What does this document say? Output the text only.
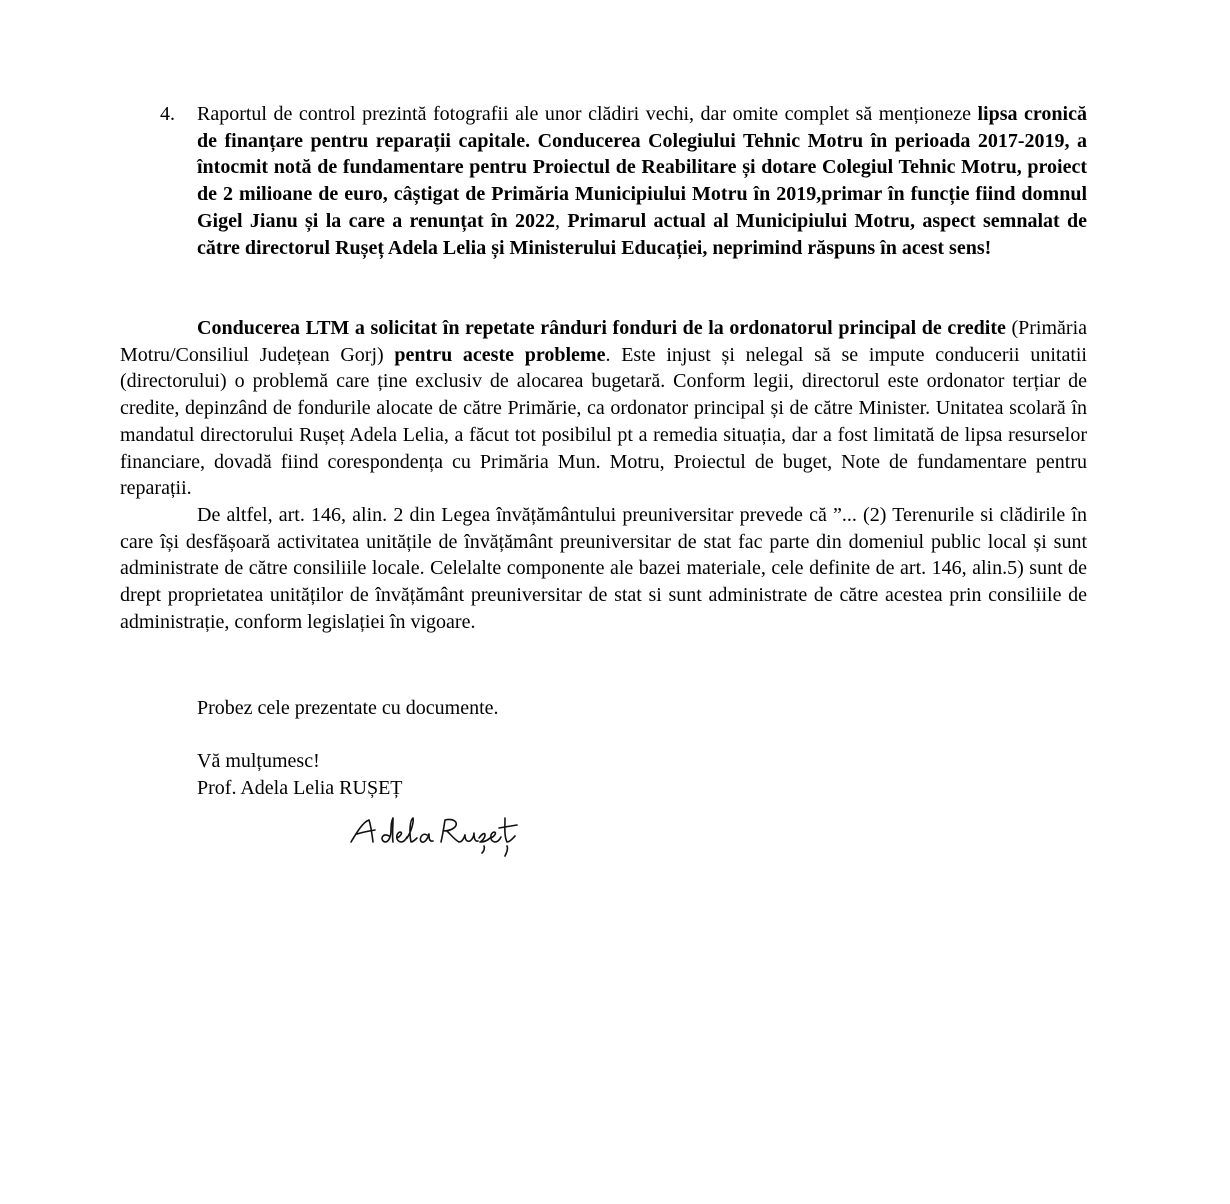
4. Raportul de control prezintă fotografii ale unor clădiri vechi, dar omite complet să menționeze lipsa cronică de finanțare pentru reparații capitale. Conducerea Colegiului Tehnic Motru în perioada 2017-2019, a întocmit notă de fundamentare pentru Proiectul de Reabilitare și dotare Colegiul Tehnic Motru, proiect de 2 milioane de euro, câștigat de Primăria Municipiului Motru în 2019,primar în funcție fiind domnul Gigel Jianu și la care a renunțat în 2022, Primarul actual al Municipiului Motru, aspect semnalat de către directorul Rușeț Adela Lelia și Ministerului Educației, neprimind răspuns în acest sens!

Conducerea LTM a solicitat în repetate rânduri fonduri de la ordonatorul principal de credite (Primăria Motru/Consiliul Județean Gorj) pentru aceste probleme. Este injust și nelegal să se impute conducerii unitatii (directorului) o problemă care ține exclusiv de alocarea bugetară. Conform legii, directorul este ordonator terțiar de credite, depinzând de fondurile alocate de către Primărie, ca ordonator principal și de către Minister. Unitatea scolară în mandatul directorului Rușeț Adela Lelia, a făcut tot posibilul pt a remedia situația, dar a fost limitată de lipsa resurselor financiare, dovadă fiind corespondența cu Primăria Mun. Motru, Proiectul de buget, Note de fundamentare pentru reparații.

De altfel, art. 146, alin. 2 din Legea învățământului preuniversitar prevede că ”... (2) Terenurile si clădirile în care își desfășoară activitatea unitățile de învățământ preuniversitar de stat fac parte din domeniul public local și sunt administrate de către consiliile locale. Celelalte componente ale bazei materiale, cele definite de art. 146, alin.5) sunt de drept proprietatea unităților de învățământ preuniversitar de stat si sunt administrate de către acestea prin consiliile de administrație, conform legislației în vigoare.

Probez cele prezentate cu documente.
Vă mulțumesc!
Prof. Adela Lelia RUȘEȚ
